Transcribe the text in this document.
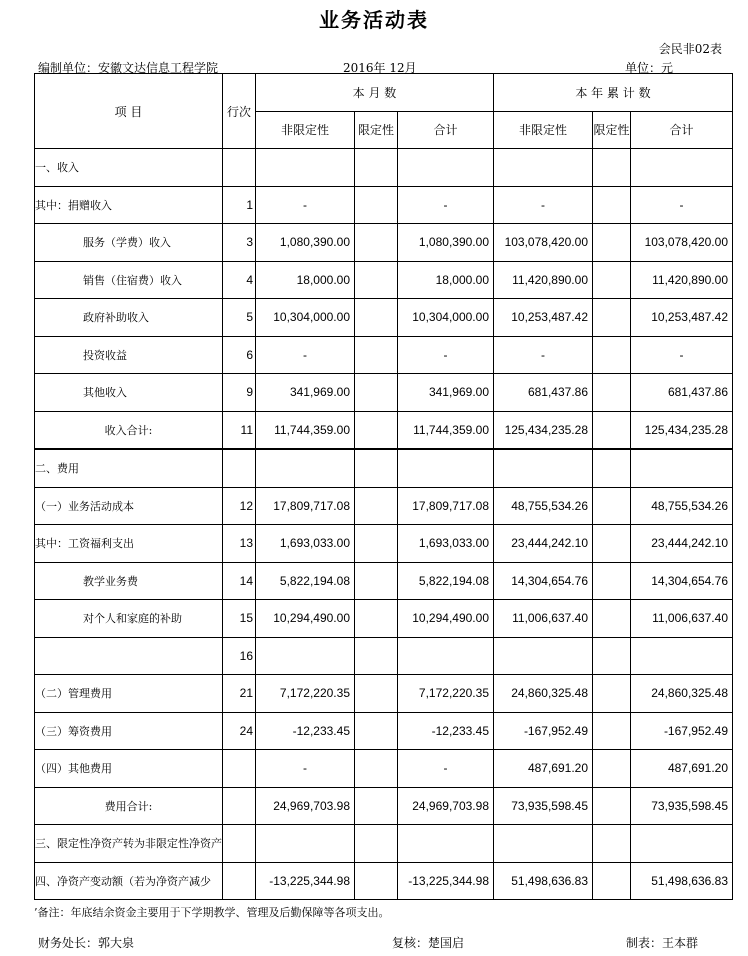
业务活动表
会民非02表
编制单位：安徽文达信息工程学院	2016年 12月	单位：元
项 目	行次	本 月 数			本 年 累 计 数		
		非限定性	限定性	合计	非限定性	限定性	合计
一、收入							
其中：捐赠收入	1	-		-	-		-
服务（学费）收入	3	1,080,390.00		1,080,390.00	103,078,420.00		103,078,420.00
销售（住宿费）收入	4	18,000.00		18,000.00	11,420,890.00		11,420,890.00
政府补助收入	5	10,304,000.00		10,304,000.00	10,253,487.42		10,253,487.42
投资收益	6	-		-	-		-
其他收入	9	341,969.00		341,969.00	681,437.86		681,437.86
收入合计:	11	11,744,359.00		11,744,359.00	125,434,235.28		125,434,235.28
二、费用							
（一）业务活动成本	12	17,809,717.08		17,809,717.08	48,755,534.26		48,755,534.26
其中：工资福利支出	13	1,693,033.00		1,693,033.00	23,444,242.10		23,444,242.10
教学业务费	14	5,822,194.08		5,822,194.08	14,304,654.76		14,304,654.76
对个人和家庭的补助	15	10,294,490.00		10,294,490.00	11,006,637.40		11,006,637.40
	16						
（二）管理费用	21	7,172,220.35		7,172,220.35	24,860,325.48		24,860,325.48
（三）筹资费用	24	-12,233.45		-12,233.45	-167,952.49		-167,952.49
（四）其他费用		-		-	487,691.20		487,691.20
费用合计:		24,969,703.98		24,969,703.98	73,935,598.45		73,935,598.45
三、限定性净资产转为非限定性净资产							
四、净资产变动额（若为净资产减少		-13,225,344.98		-13,225,344.98	51,498,636.83		51,498,636.83
’备注：年底结余资金主要用于下学期教学、管理及后勤保障等各项支出。
财务处长：郭大泉	复核：楚国启	制表：王本群
